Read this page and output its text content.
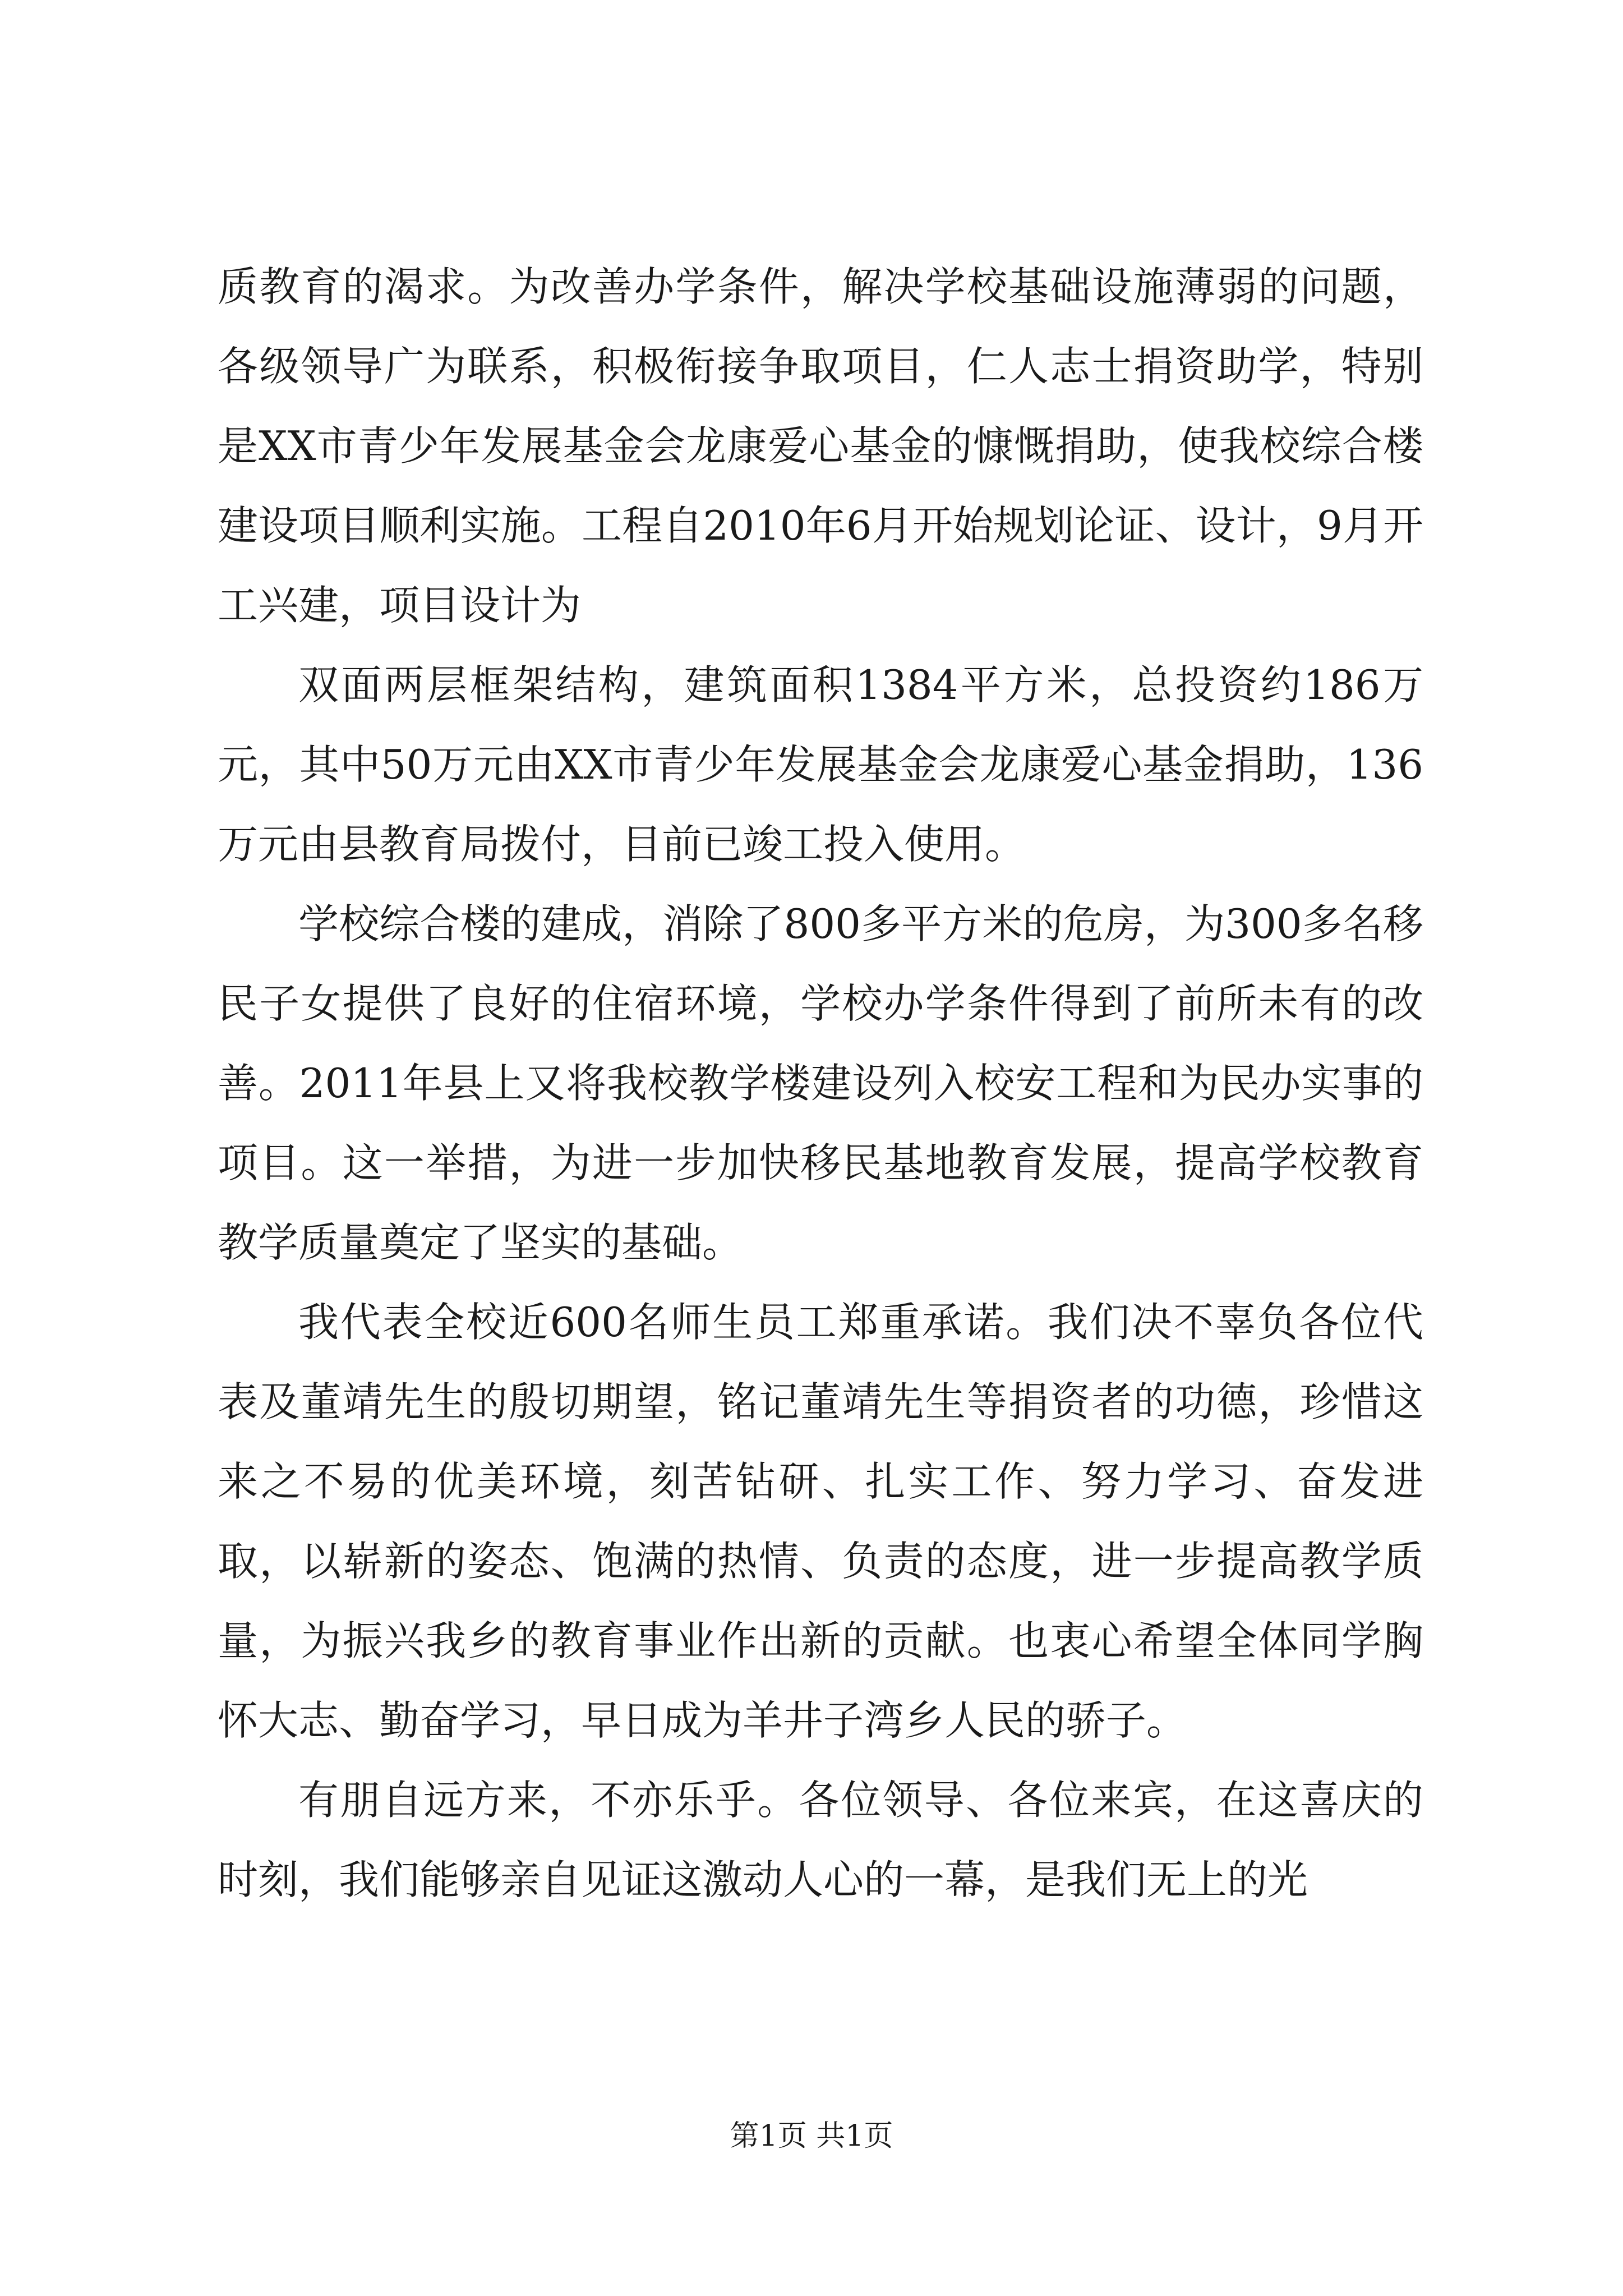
质教育的渴求。为改善办学条件，解决学校基础设施薄弱的问题，各级领导广为联系，积极衔接争取项目，仁人志士捐资助学，特别是XX市青少年发展基金会龙康爱心基金的慷慨捐助，使我校综合楼建设项目顺利实施。工程自2010年6月开始规划论证、设计，9月开工兴建，项目设计为

双面两层框架结构，建筑面积1384平方米，总投资约186万元，其中50万元由XX市青少年发展基金会龙康爱心基金捐助，136万元由县教育局拨付，目前已竣工投入使用。

学校综合楼的建成，消除了800多平方米的危房，为300多名移民子女提供了良好的住宿环境，学校办学条件得到了前所未有的改善。2011年县上又将我校教学楼建设列入校安工程和为民办实事的项目。这一举措，为进一步加快移民基地教育发展，提高学校教育教学质量奠定了坚实的基础。

我代表全校近600名师生员工郑重承诺。我们决不辜负各位代表及董靖先生的殷切期望，铭记董靖先生等捐资者的功德，珍惜这来之不易的优美环境，刻苦钻研、扎实工作、努力学习、奋发进取，以崭新的姿态、饱满的热情、负责的态度，进一步提高教学质量，为振兴我乡的教育事业作出新的贡献。也衷心希望全体同学胸怀大志、勤奋学习，早日成为羊井子湾乡人民的骄子。

有朋自远方来，不亦乐乎。各位领导、各位来宾，在这喜庆的时刻，我们能够亲自见证这激动人心的一幕，是我们无上的光

第1页 共1页
